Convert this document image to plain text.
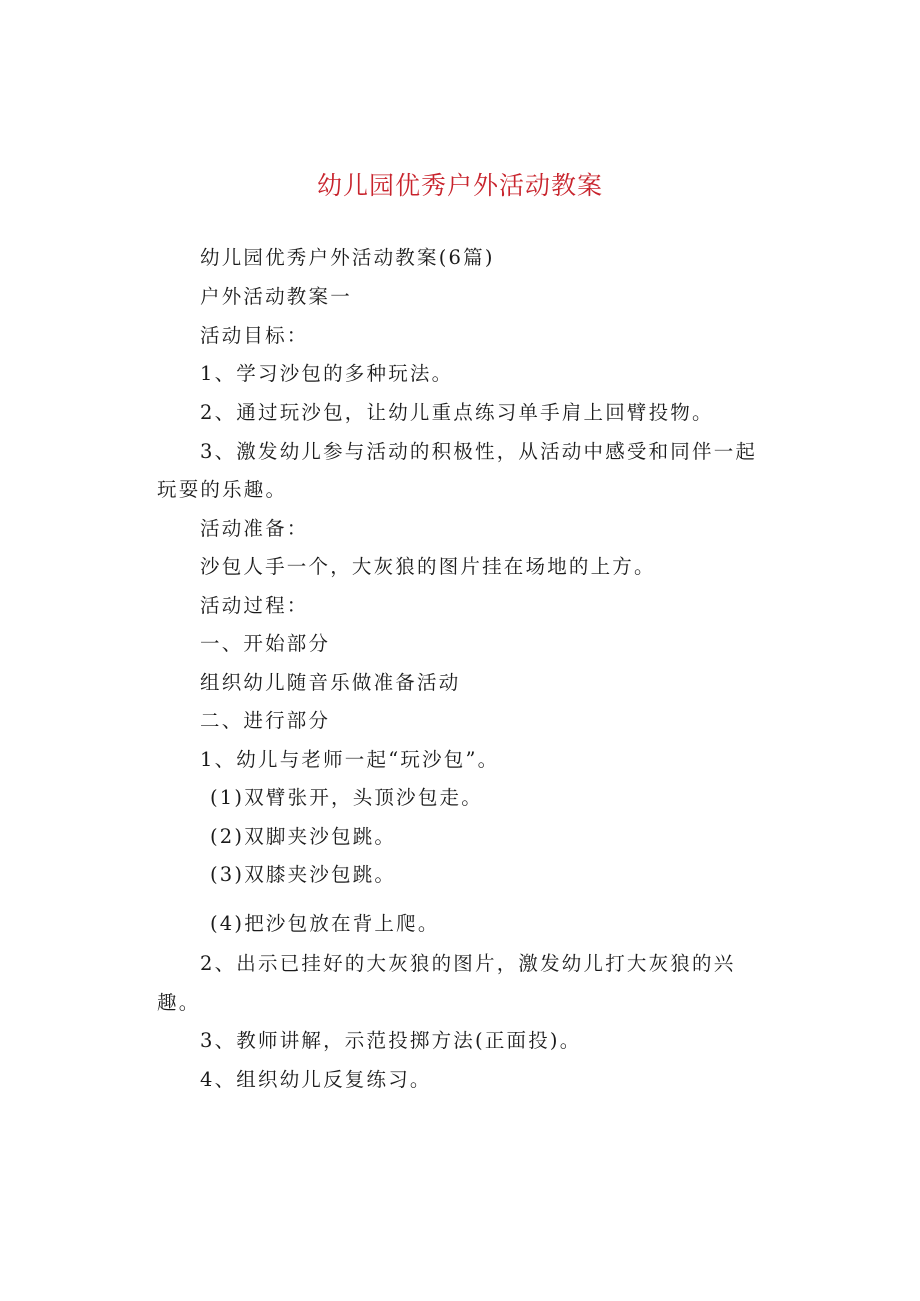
幼儿园优秀户外活动教案

幼儿园优秀户外活动教案(6篇)

户外活动教案一

活动目标：

1、学习沙包的多种玩法。

2、通过玩沙包，让幼儿重点练习单手肩上回臂投物。

3、激发幼儿参与活动的积极性，从活动中感受和同伴一起

玩耍的乐趣。

活动准备：

沙包人手一个，大灰狼的图片挂在场地的上方。

活动过程：

一、开始部分

组织幼儿随音乐做准备活动

二、进行部分

1、幼儿与老师一起“玩沙包”。

(1)双臂张开，头顶沙包走。

(2)双脚夹沙包跳。

(3)双膝夹沙包跳。

(4)把沙包放在背上爬。

2、出示已挂好的大灰狼的图片，激发幼儿打大灰狼的兴

趣。

3、教师讲解，示范投掷方法(正面投)。

4、组织幼儿反复练习。
